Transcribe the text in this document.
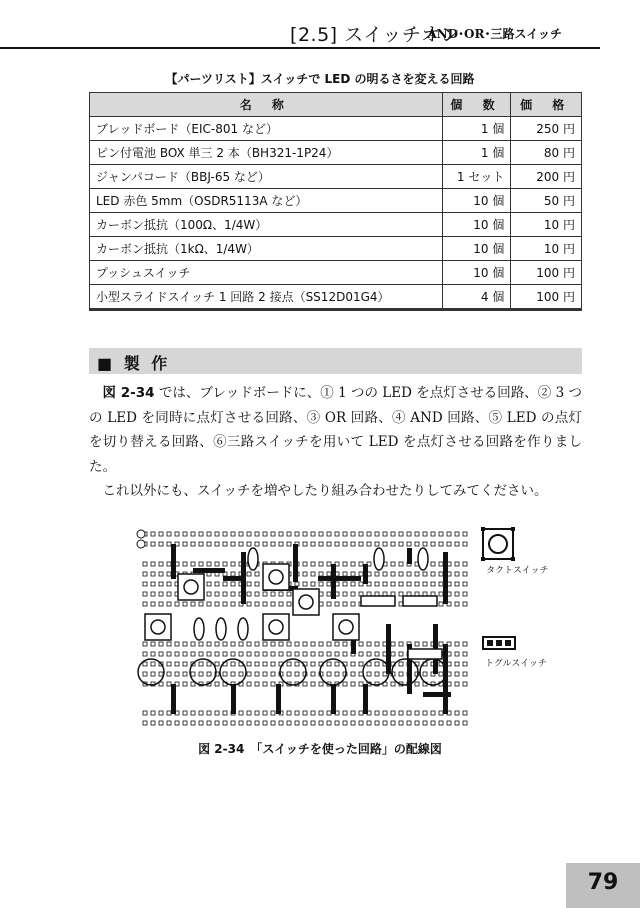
[2.5] スイッチオン
AND･OR･三路スイッチ
【パーツリスト】スイッチで LED の明るさを変える回路
名 称	個 数	価 格
ブレッドボード（EIC-801 など）	1 個	250 円
ピン付電池 BOX 単三 2 本（BH321-1P24）	1 個	80 円
ジャンパコード（BBJ-65 など）	1 セット	200 円
LED 赤色 5mm（OSDR5113A など）	10 個	50 円
カーボン抵抗（100Ω、1/4W）	10 個	10 円
カーボン抵抗（1kΩ、1/4W）	10 個	10 円
プッシュスイッチ	10 個	100 円
小型スライドスイッチ 1 回路 2 接点（SS12D01G4）	4 個	100 円
■ 製 作

図 2-34 では、ブレッドボードに、① 1 つの LED を点灯させる回路、② 3 つの LED を同時に点灯させる回路、③ OR 回路、④ AND 回路、⑤ LED の点灯を切り替える回路、⑥三路スイッチを用いて LED を点灯させる回路を作りました。

これ以外にも、スイッチを増やしたり組み合わせたりしてみてください。

タクトスイッチ
トグルスイッチ
図 2-34　「スイッチを使った回路」の配線図
79
